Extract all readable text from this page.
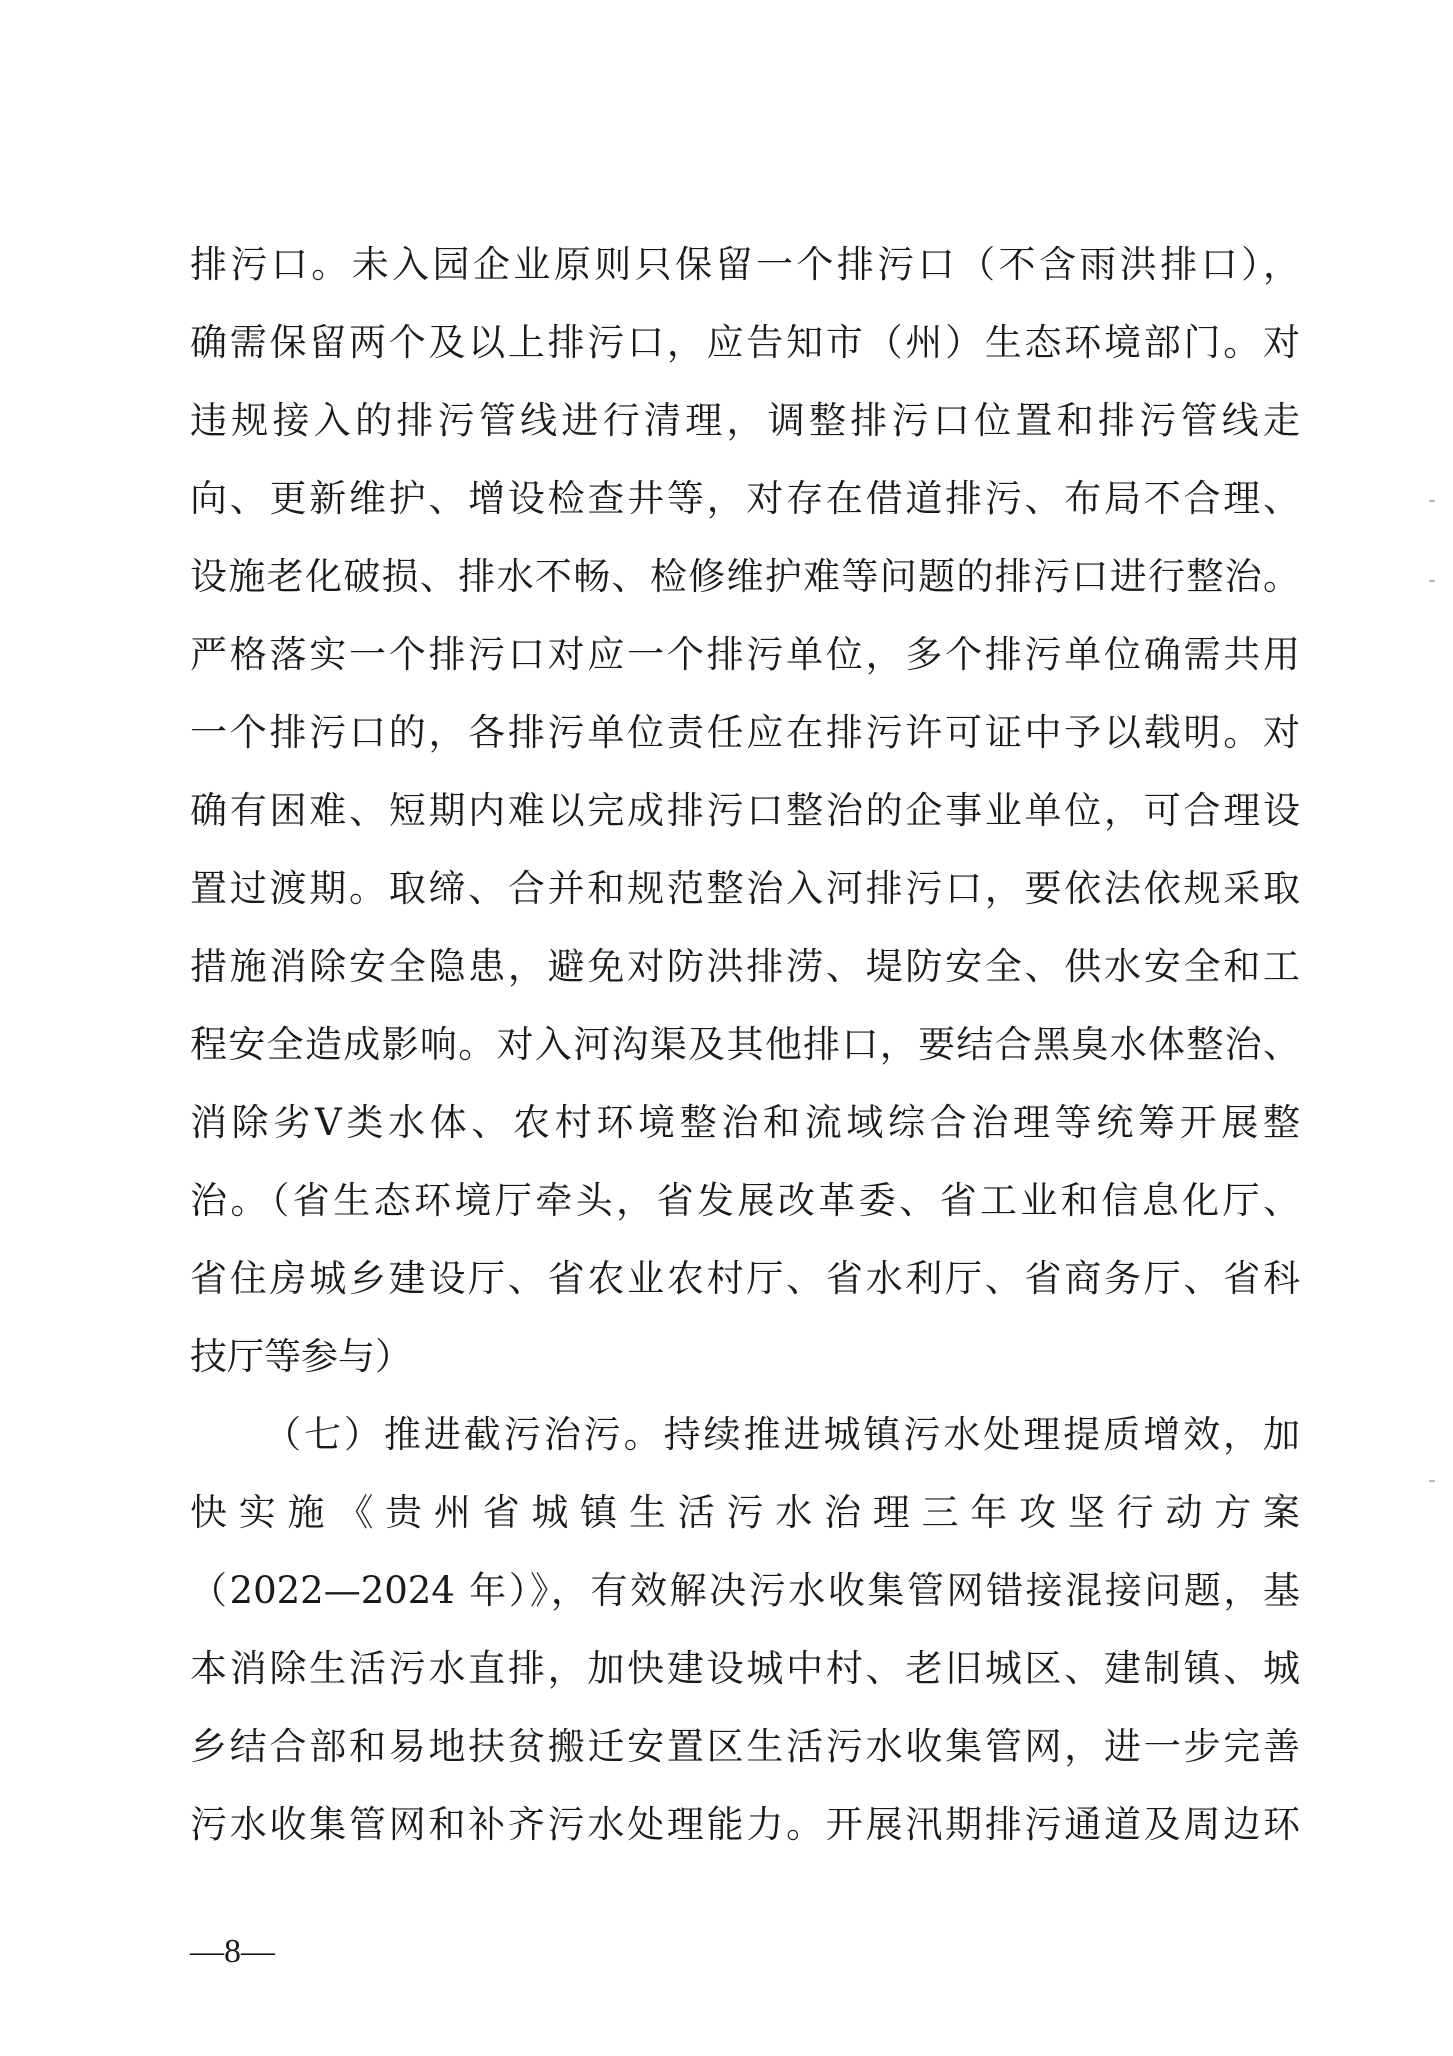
排污口。未入园企业原则只保留一个排污口（不含雨洪排口），
确需保留两个及以上排污口，应告知市（州）生态环境部门。对
违规接入的排污管线进行清理，调整排污口位置和排污管线走
向、更新维护、增设检查井等，对存在借道排污、布局不合理、
设施老化破损、排水不畅、检修维护难等问题的排污口进行整治。
严格落实一个排污口对应一个排污单位，多个排污单位确需共用
一个排污口的，各排污单位责任应在排污许可证中予以载明。对
确有困难、短期内难以完成排污口整治的企事业单位，可合理设
置过渡期。取缔、合并和规范整治入河排污口，要依法依规采取
措施消除安全隐患，避免对防洪排涝、堤防安全、供水安全和工
程安全造成影响。对入河沟渠及其他排口，要结合黑臭水体整治、
消除劣Ⅴ类水体、农村环境整治和流域综合治理等统筹开展整
治。（省生态环境厅牵头，省发展改革委、省工业和信息化厅、
省住房城乡建设厅、省农业农村厅、省水利厅、省商务厅、省科
技厅等参与）
（七）推进截污治污。持续推进城镇污水处理提质增效，加
快实施《贵州省城镇生活污水治理三年攻坚行动方案
（2022—2024 年）》，有效解决污水收集管网错接混接问题，基
本消除生活污水直排，加快建设城中村、老旧城区、建制镇、城
乡结合部和易地扶贫搬迁安置区生活污水收集管网，进一步完善
污水收集管网和补齐污水处理能力。开展汛期排污通道及周边环
—8—
